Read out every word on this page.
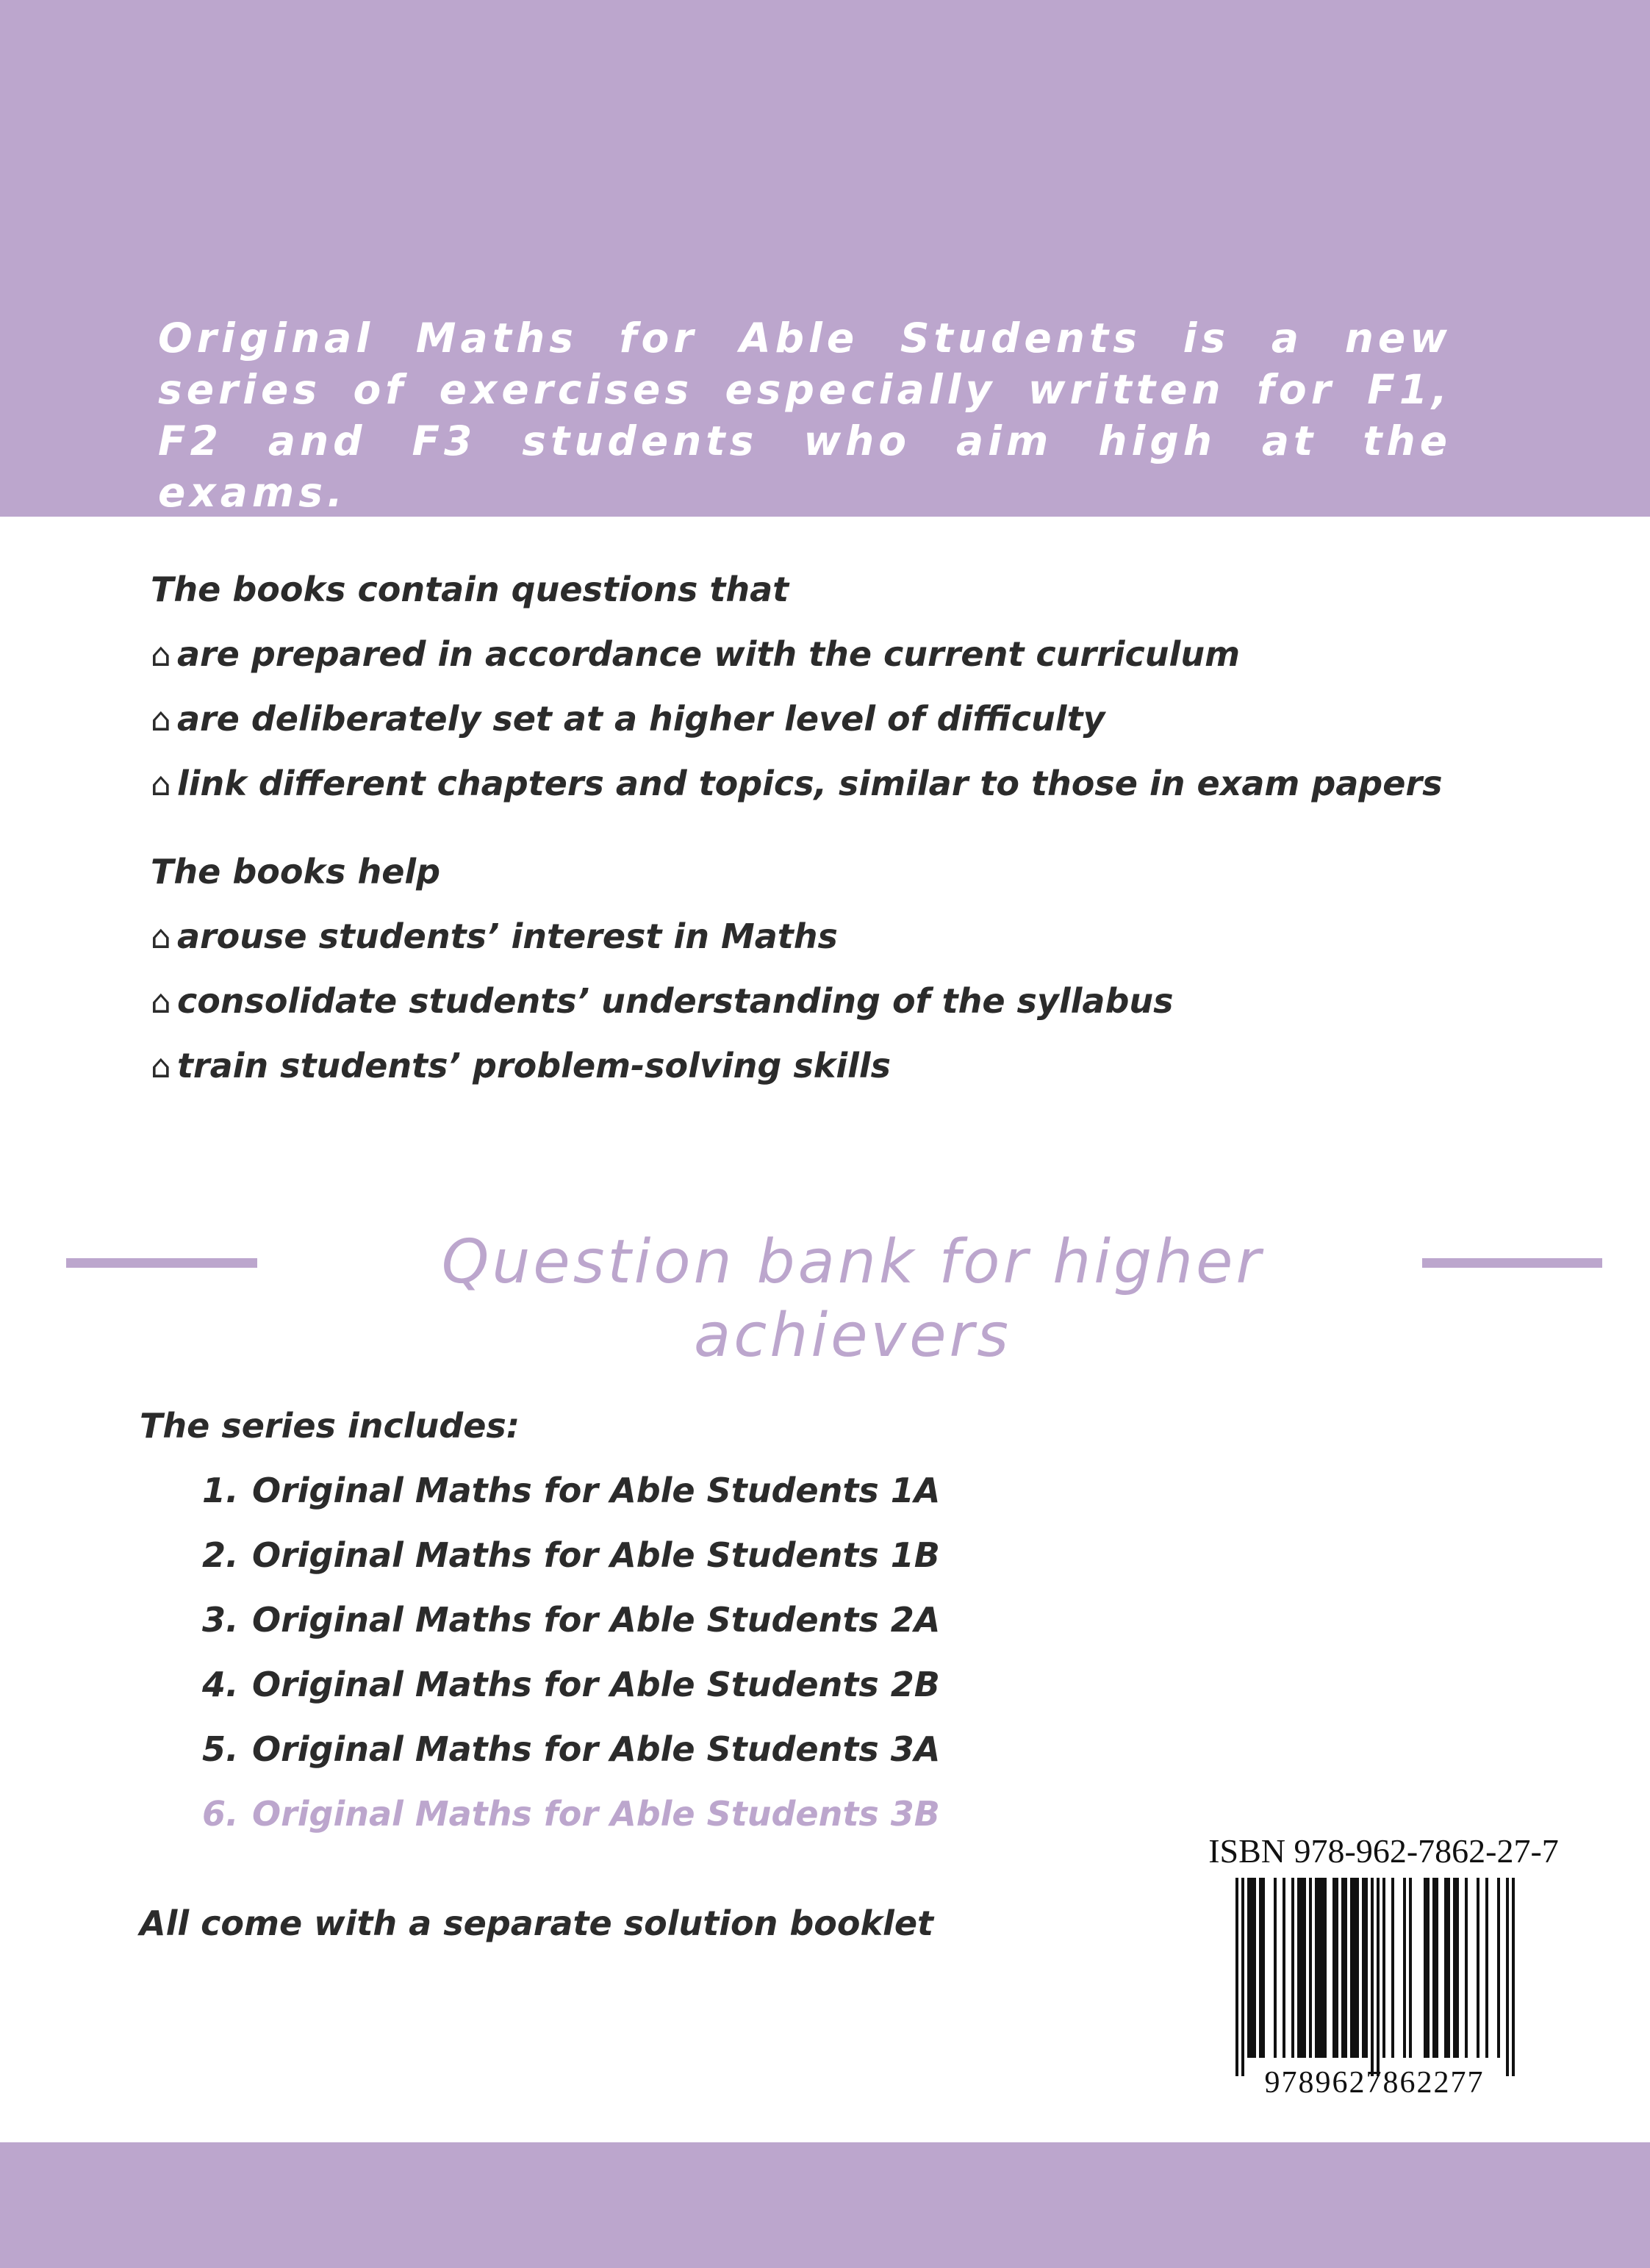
Original Maths for Able Students is a new series of exercises especially written for F1, F2 and F3 students who aim high at the exams.
The books contain questions that
⌂ are prepared in accordance with the current curriculum
⌂ are deliberately set at a higher level of difficulty
⌂ link different chapters and topics, similar to those in exam papers
The books help
⌂ arouse students’ interest in Maths
⌂ consolidate students’ understanding of the syllabus
⌂ train students’ problem-solving skills
Question bank for higher achievers
The series includes:
1. Original Maths for Able Students 1A
2. Original Maths for Able Students 1B
3. Original Maths for Able Students 2A
4. Original Maths for Able Students 2B
5. Original Maths for Able Students 3A
6. Original Maths for Able Students 3B
All come with a separate solution booklet
ISBN 978-962-7862-27-7
9789627862277
